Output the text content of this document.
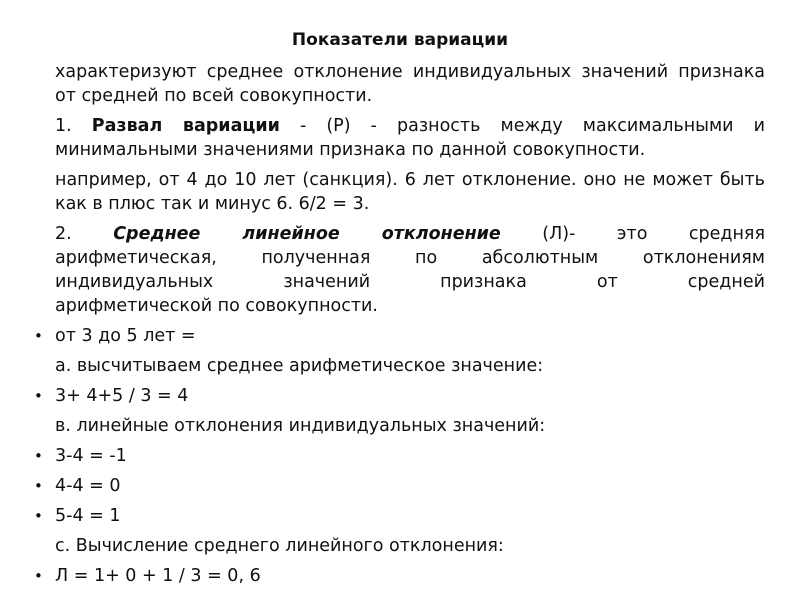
Показатели вариации

характеризуют среднее отклонение индивидуальных значений признака от средней по всей совокупности.

1. Развал вариации - (Р) - разность между максимальными и минимальными значениями признака по данной совокупности.

например, от 4 до 10 лет (санкция). 6 лет отклонение. оно не может быть как в плюс так и минус 6. 6/2 = 3.

2. Среднее линейное отклонение (Л)- это средняя
арифметическая, полученная по абсолютным отклонениям
индивидуальных значений признака от средней
арифметической по совокупности.

• от 3 до 5 лет =

а. высчитываем среднее арифметическое значение:

• 3+ 4+5 / 3 = 4

в. линейные отклонения индивидуальных значений:

• 3-4 = -1

• 4-4 = 0

• 5-4 = 1

с. Вычисление среднего линейного отклонения:

• Л = 1+ 0 + 1 / 3 = 0, 6
